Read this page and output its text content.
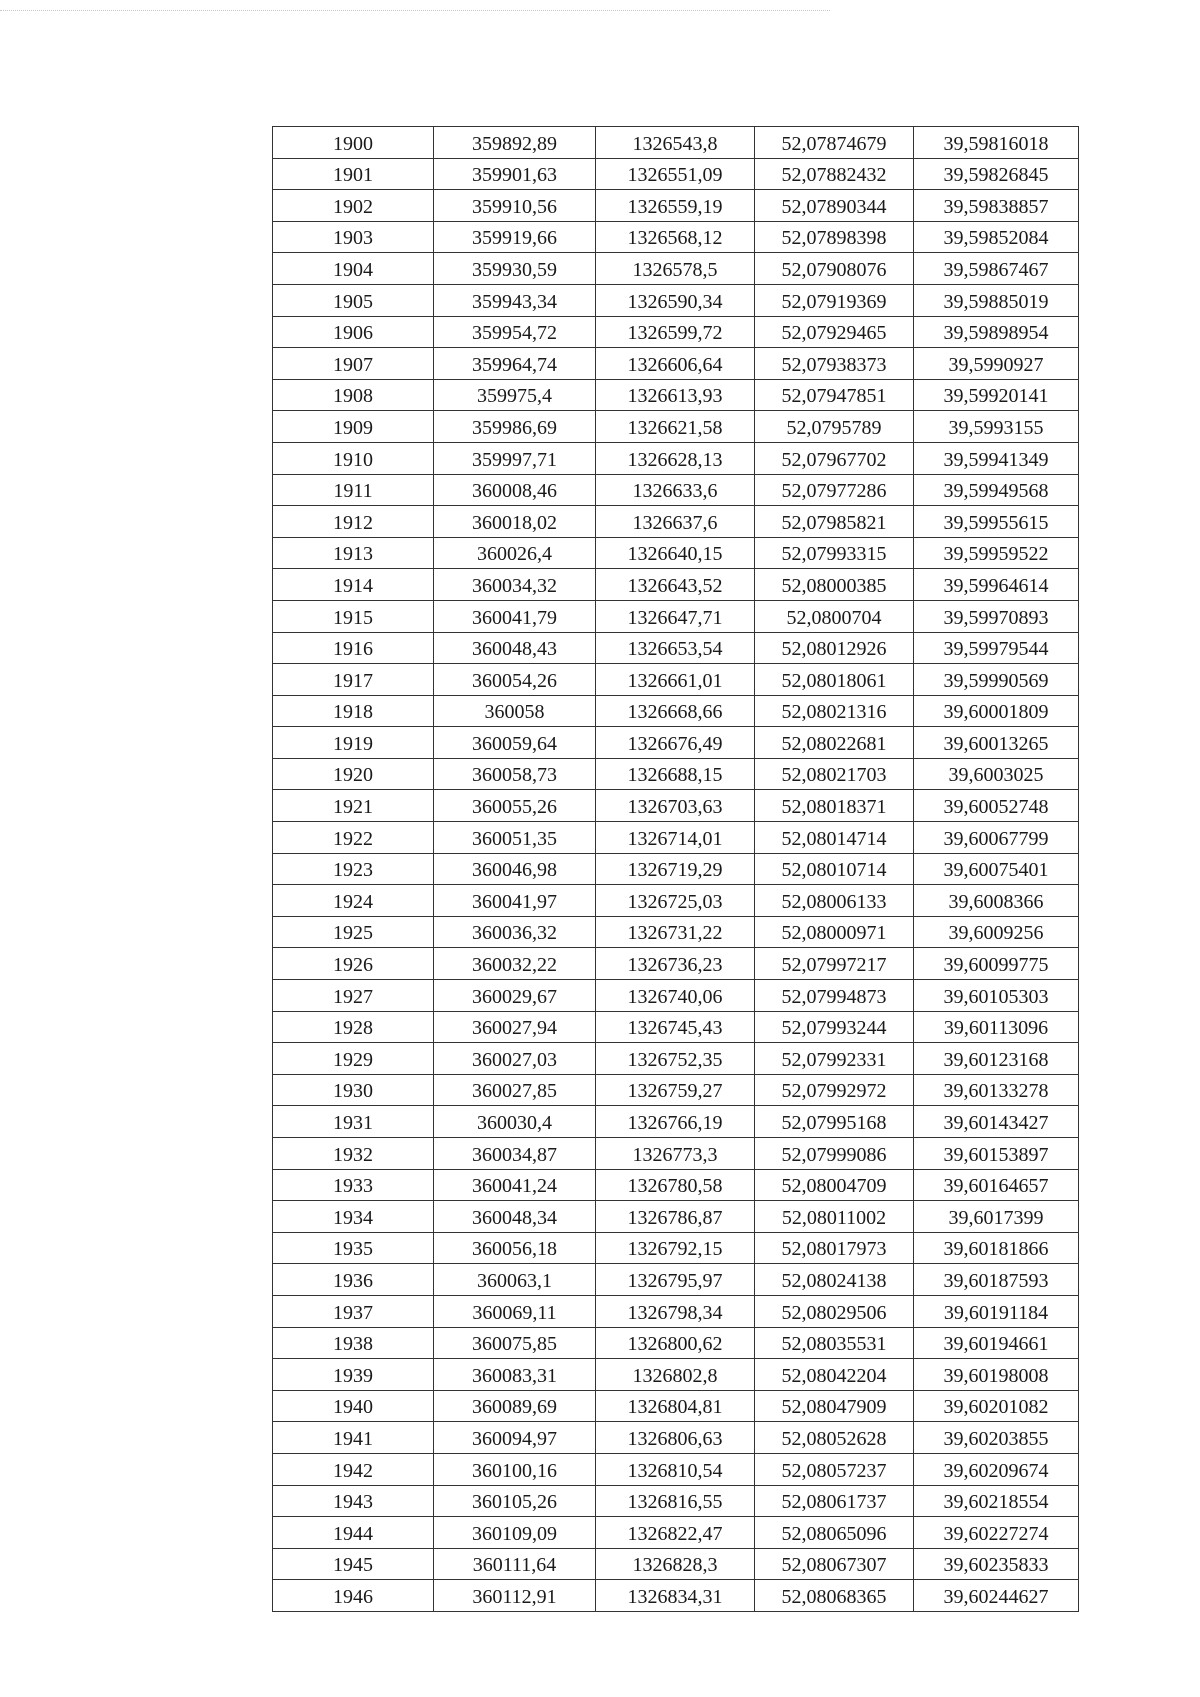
1900	359892,89	1326543,8	52,07874679	39,59816018
1901	359901,63	1326551,09	52,07882432	39,59826845
1902	359910,56	1326559,19	52,07890344	39,59838857
1903	359919,66	1326568,12	52,07898398	39,59852084
1904	359930,59	1326578,5	52,07908076	39,59867467
1905	359943,34	1326590,34	52,07919369	39,59885019
1906	359954,72	1326599,72	52,07929465	39,59898954
1907	359964,74	1326606,64	52,07938373	39,5990927
1908	359975,4	1326613,93	52,07947851	39,59920141
1909	359986,69	1326621,58	52,0795789	39,5993155
1910	359997,71	1326628,13	52,07967702	39,59941349
1911	360008,46	1326633,6	52,07977286	39,59949568
1912	360018,02	1326637,6	52,07985821	39,59955615
1913	360026,4	1326640,15	52,07993315	39,59959522
1914	360034,32	1326643,52	52,08000385	39,59964614
1915	360041,79	1326647,71	52,0800704	39,59970893
1916	360048,43	1326653,54	52,08012926	39,59979544
1917	360054,26	1326661,01	52,08018061	39,59990569
1918	360058	1326668,66	52,08021316	39,60001809
1919	360059,64	1326676,49	52,08022681	39,60013265
1920	360058,73	1326688,15	52,08021703	39,6003025
1921	360055,26	1326703,63	52,08018371	39,60052748
1922	360051,35	1326714,01	52,08014714	39,60067799
1923	360046,98	1326719,29	52,08010714	39,60075401
1924	360041,97	1326725,03	52,08006133	39,6008366
1925	360036,32	1326731,22	52,08000971	39,6009256
1926	360032,22	1326736,23	52,07997217	39,60099775
1927	360029,67	1326740,06	52,07994873	39,60105303
1928	360027,94	1326745,43	52,07993244	39,60113096
1929	360027,03	1326752,35	52,07992331	39,60123168
1930	360027,85	1326759,27	52,07992972	39,60133278
1931	360030,4	1326766,19	52,07995168	39,60143427
1932	360034,87	1326773,3	52,07999086	39,60153897
1933	360041,24	1326780,58	52,08004709	39,60164657
1934	360048,34	1326786,87	52,08011002	39,6017399
1935	360056,18	1326792,15	52,08017973	39,60181866
1936	360063,1	1326795,97	52,08024138	39,60187593
1937	360069,11	1326798,34	52,08029506	39,60191184
1938	360075,85	1326800,62	52,08035531	39,60194661
1939	360083,31	1326802,8	52,08042204	39,60198008
1940	360089,69	1326804,81	52,08047909	39,60201082
1941	360094,97	1326806,63	52,08052628	39,60203855
1942	360100,16	1326810,54	52,08057237	39,60209674
1943	360105,26	1326816,55	52,08061737	39,60218554
1944	360109,09	1326822,47	52,08065096	39,60227274
1945	360111,64	1326828,3	52,08067307	39,60235833
1946	360112,91	1326834,31	52,08068365	39,60244627
